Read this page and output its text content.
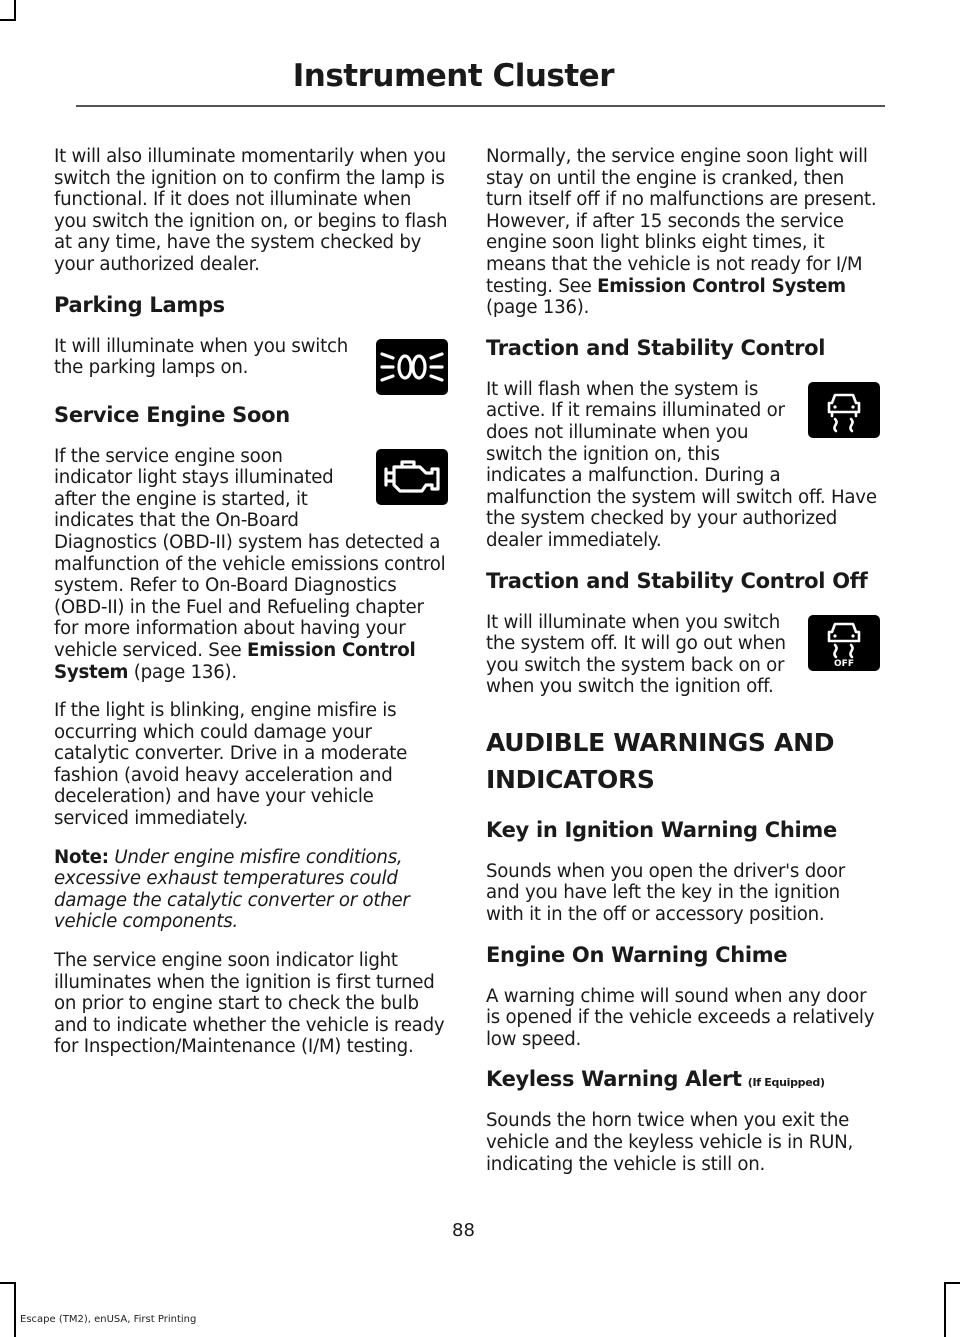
Instrument Cluster

It will also illuminate momentarily when you switch the ignition on to confirm the lamp is functional. If it does not illuminate when you switch the ignition on, or begins to flash at any time, have the system checked by your authorized dealer.

Parking Lamps

It will illuminate when you switch the parking lamps on.

Service Engine Soon

If the service engine soon indicator light stays illuminated after the engine is started, it indicates that the On-Board Diagnostics (OBD-II) system has detected a malfunction of the vehicle emissions control system. Refer to On-Board Diagnostics (OBD-II) in the Fuel and Refueling chapter for more information about having your vehicle serviced. See Emission Control System (page 136).

If the light is blinking, engine misfire is occurring which could damage your catalytic converter. Drive in a moderate fashion (avoid heavy acceleration and deceleration) and have your vehicle serviced immediately.

Note: Under engine misfire conditions, excessive exhaust temperatures could damage the catalytic converter or other vehicle components.

The service engine soon indicator light illuminates when the ignition is first turned on prior to engine start to check the bulb and to indicate whether the vehicle is ready for Inspection/Maintenance (I/M) testing.

Normally, the service engine soon light will stay on until the engine is cranked, then turn itself off if no malfunctions are present. However, if after 15 seconds the service engine soon light blinks eight times, it means that the vehicle is not ready for I/M testing. See Emission Control System (page 136).

Traction and Stability Control

It will flash when the system is active. If it remains illuminated or does not illuminate when you switch the ignition on, this indicates a malfunction. During a malfunction the system will switch off. Have the system checked by your authorized dealer immediately.

Traction and Stability Control Off
OFF

It will illuminate when you switch the system off. It will go out when you switch the system back on or when you switch the ignition off.

AUDIBLE WARNINGS AND INDICATORS
Key in Ignition Warning Chime

Sounds when you open the driver's door and you have left the key in the ignition with it in the off or accessory position.

Engine On Warning Chime

A warning chime will sound when any door is opened if the vehicle exceeds a relatively low speed.

Keyless Warning Alert (If Equipped)

Sounds the horn twice when you exit the vehicle and the keyless vehicle is in RUN, indicating the vehicle is still on.

88
Escape (TM2), enUSA, First Printing
